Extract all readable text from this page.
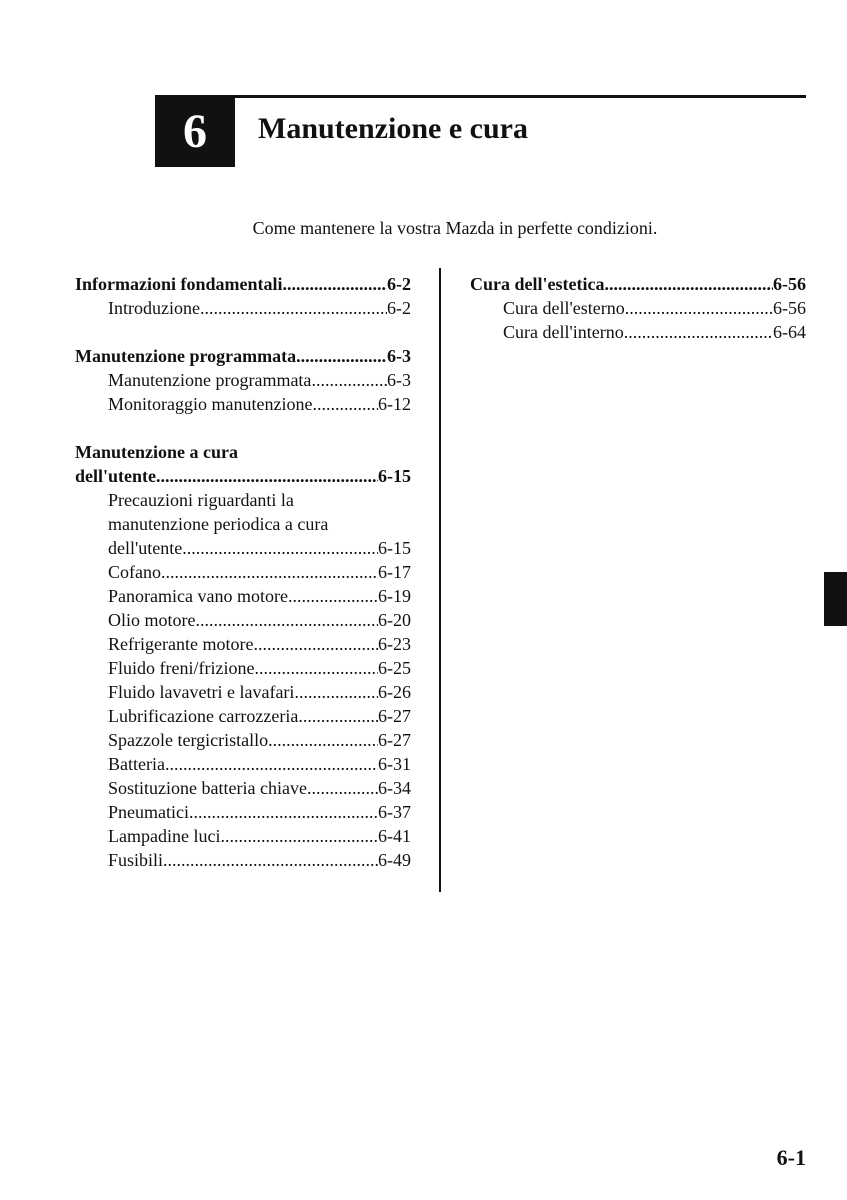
6 Manutenzione e cura
Come mantenere la vostra Mazda in perfette condizioni.
Informazioni fondamentali .....	6-2
Introduzione .....	6-2
Manutenzione programmata .....	6-3
Manutenzione programmata .....	6-3
Monitoraggio manutenzione .....	6-12
Manutenzione a cura
dell'utente .....	6-15
Precauzioni riguardanti la
manutenzione periodica a cura
dell'utente .....	6-15
Cofano .....	6-17
Panoramica vano motore .....	6-19
Olio motore .....	6-20
Refrigerante motore .....	6-23
Fluido freni/frizione .....	6-25
Fluido lavavetri e lavafari .....	6-26
Lubrificazione carrozzeria .....	6-27
Spazzole tergicristallo .....	6-27
Batteria .....	6-31
Sostituzione batteria chiave .....	6-34
Pneumatici .....	6-37
Lampadine luci .....	6-41
Fusibili .....	6-49
Cura dell'estetica .....	6-56
Cura dell'esterno .....	6-56
Cura dell'interno .....	6-64
6-1
